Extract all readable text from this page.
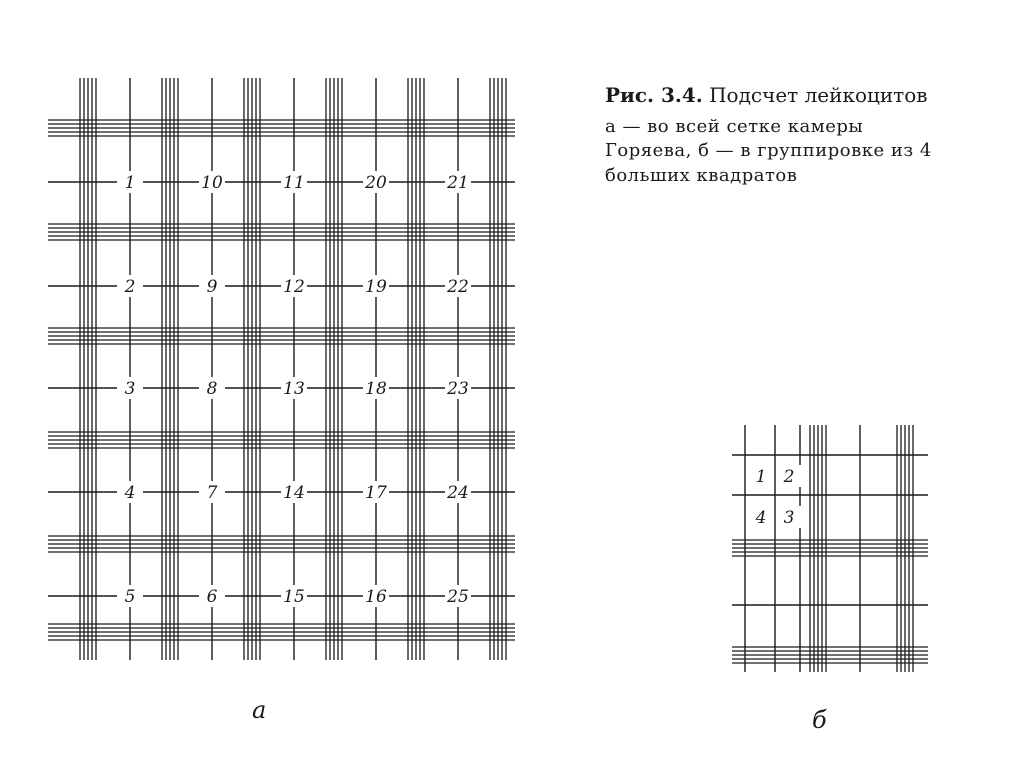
1	10	11	20	21
2	9	12	19	22
3	8	13	18	23
4	7	14	17	24
5	6	15	16	25
1 2
4 3
а	б

Рис. 3.4. Подсчет лейкоцитов

а — во всей сетке камеры Горяева, б — в группировке из 4 больших квадратов
